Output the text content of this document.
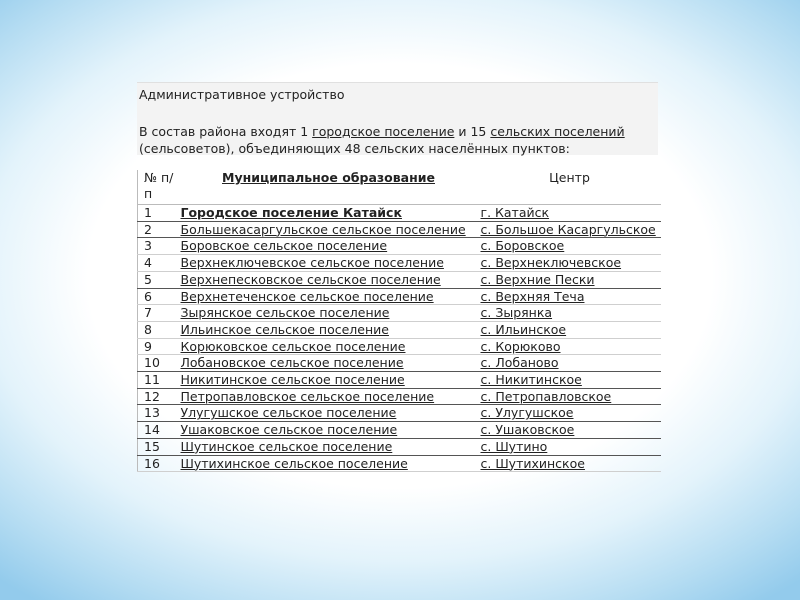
Административное устройство
В состав района входят 1 городское поселение и 15 сельских поселений (сельсоветов), объединяющих 48 сельских населённых пунктов:
№ п/п	Муниципальное образование	Центр
1	Городское поселение Катайск	г. Катайск
2	Большекасаргульское сельское поселение	с. Большое Касаргульское
3	Боровское сельское поселение	с. Боровское
4	Верхнеключевское сельское поселение	с. Верхнеключевское
5	Верхнепесковское сельское поселение	с. Верхние Пески
6	Верхнетеченское сельское поселение	с. Верхняя Теча
7	Зырянское сельское поселение	с. Зырянка
8	Ильинское сельское поселение	с. Ильинское
9	Корюковское сельское поселение	с. Корюково
10	Лобановское сельское поселение	с. Лобаново
11	Никитинское сельское поселение	с. Никитинское
12	Петропавловское сельское поселение	с. Петропавловское
13	Улугушское сельское поселение	с. Улугушское
14	Ушаковское сельское поселение	с. Ушаковское
15	Шутинское сельское поселение	с. Шутино
16	Шутихинское сельское поселение	с. Шутихинское
